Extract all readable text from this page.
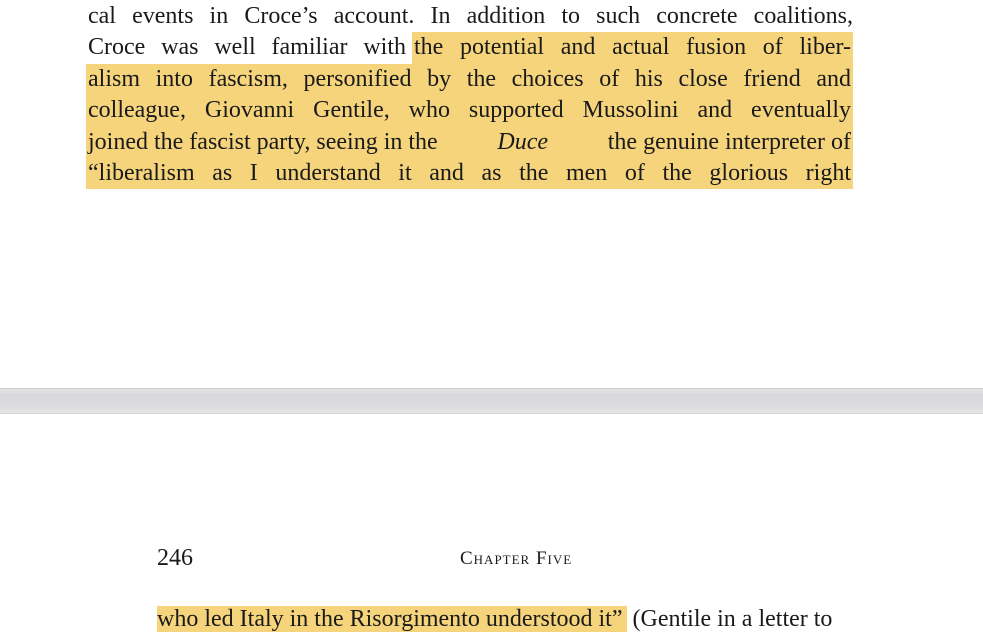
cal events in Croce’s account. In addition to such concrete coalitions,
Croce was well familiar with the potential and actual fusion of liber-
alism into fascism, personified by the choices of his close friend and
colleague, Giovanni Gentile, who supported Mussolini and eventually
joined the fascist party, seeing in the Duce the genuine interpreter of
“liberalism as I understand it and as the men of the glorious right
246	Chapter Five
who led Italy in the Risorgimento understood it” (Gentile in a letter to
